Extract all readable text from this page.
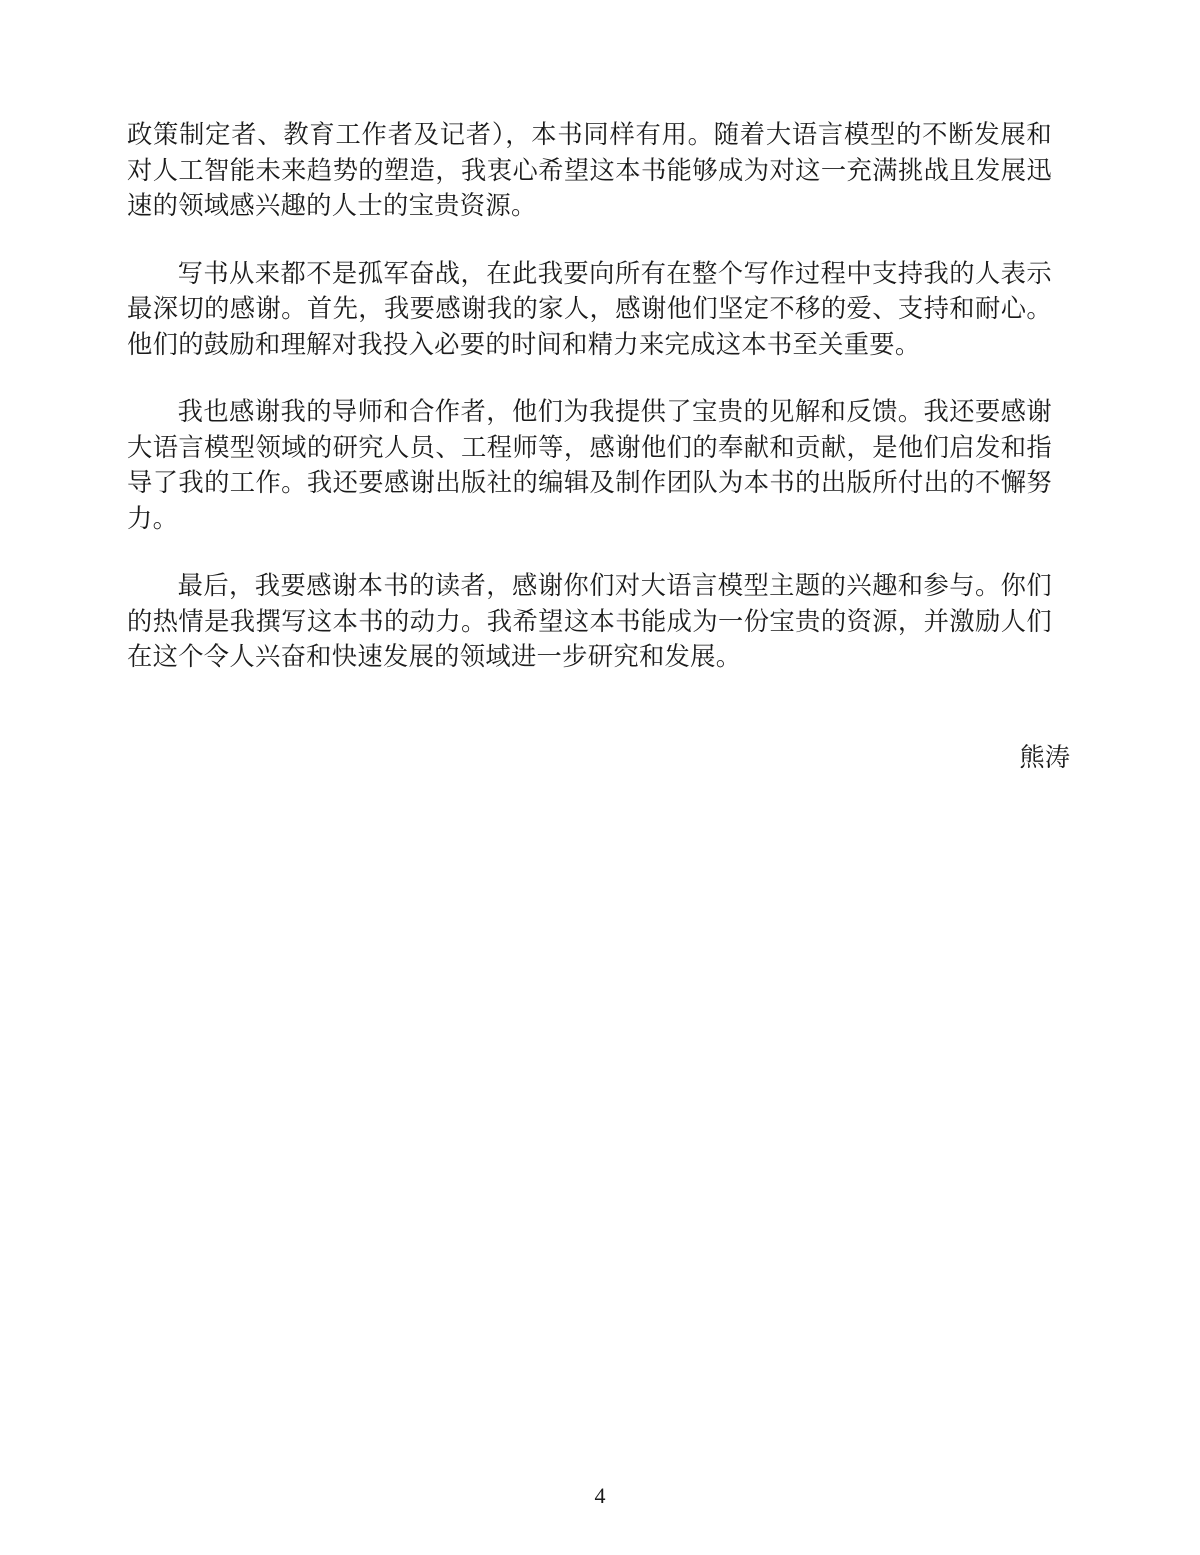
政策制定者、教育工作者及记者），本书同样有用。随着大语言模型的不断发展和对人工智能未来趋势的塑造，我衷心希望这本书能够成为对这一充满挑战且发展迅速的领域感兴趣的人士的宝贵资源。

写书从来都不是孤军奋战，在此我要向所有在整个写作过程中支持我的人表示最深切的感谢。首先，我要感谢我的家人，感谢他们坚定不移的爱、支持和耐心。他们的鼓励和理解对我投入必要的时间和精力来完成这本书至关重要。

我也感谢我的导师和合作者，他们为我提供了宝贵的见解和反馈。我还要感谢大语言模型领域的研究人员、工程师等，感谢他们的奉献和贡献，是他们启发和指导了我的工作。我还要感谢出版社的编辑及制作团队为本书的出版所付出的不懈努力。

最后，我要感谢本书的读者，感谢你们对大语言模型主题的兴趣和参与。你们的热情是我撰写这本书的动力。我希望这本书能成为一份宝贵的资源，并激励人们在这个令人兴奋和快速发展的领域进一步研究和发展。

熊涛
4
